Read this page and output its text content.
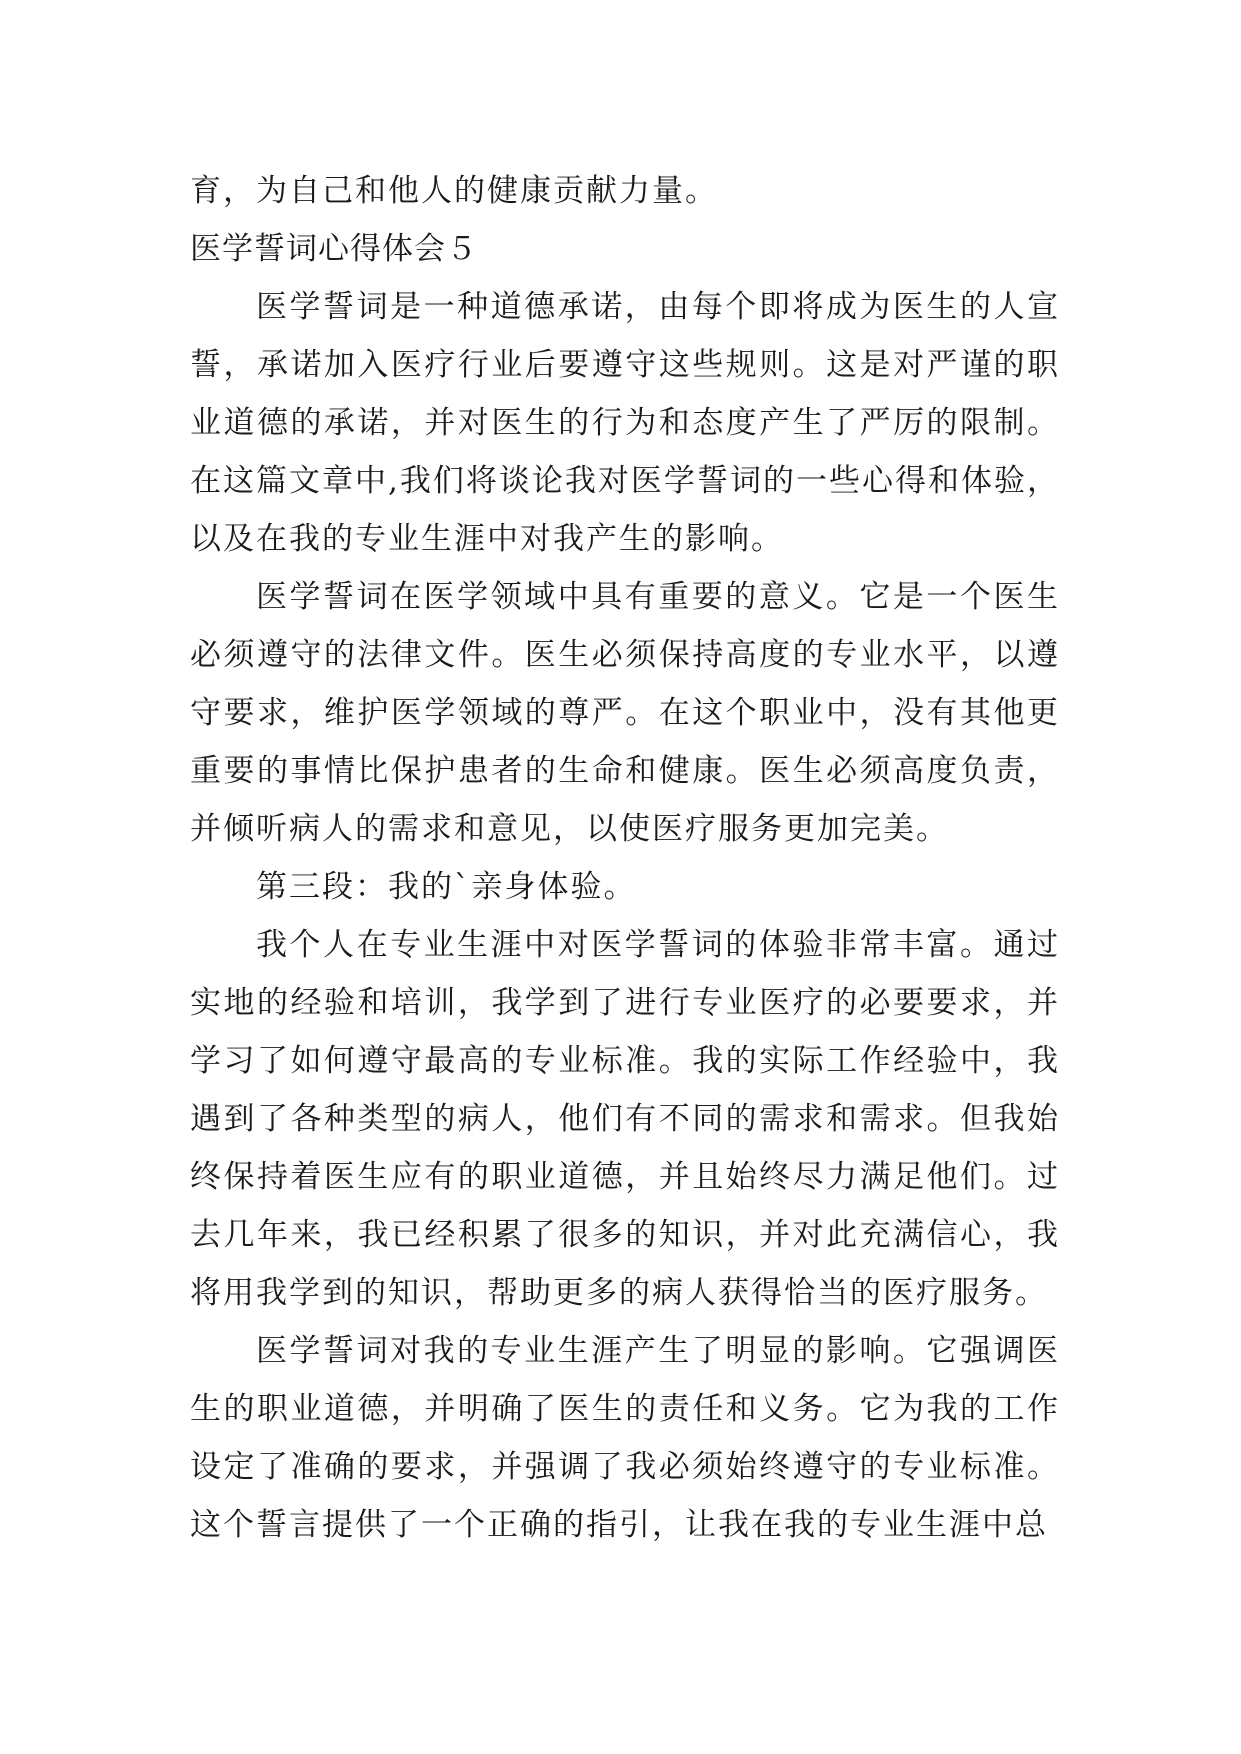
育，为自己和他人的健康贡献力量。

医学誓词心得体会５

医学誓词是一种道德承诺，由每个即将成为医生的人宣誓，承诺加入医疗行业后要遵守这些规则。这是对严谨的职业道德的承诺，并对医生的行为和态度产生了严厉的限制。在这篇文章中,我们将谈论我对医学誓词的一些心得和体验，以及在我的专业生涯中对我产生的影响。

医学誓词在医学领域中具有重要的意义。它是一个医生必须遵守的法律文件。医生必须保持高度的专业水平，以遵守要求，维护医学领域的尊严。在这个职业中，没有其他更重要的事情比保护患者的生命和健康。医生必须高度负责，并倾听病人的需求和意见，以使医疗服务更加完美。

第三段：我的`亲身体验。

我个人在专业生涯中对医学誓词的体验非常丰富。通过实地的经验和培训，我学到了进行专业医疗的必要要求，并学习了如何遵守最高的专业标准。我的实际工作经验中，我遇到了各种类型的病人，他们有不同的需求和需求。但我始终保持着医生应有的职业道德，并且始终尽力满足他们。过去几年来，我已经积累了很多的知识，并对此充满信心，我将用我学到的知识，帮助更多的病人获得恰当的医疗服务。

医学誓词对我的专业生涯产生了明显的影响。它强调医生的职业道德，并明确了医生的责任和义务。它为我的工作设定了准确的要求，并强调了我必须始终遵守的专业标准。这个誓言提供了一个正确的指引，让我在我的专业生涯中总
